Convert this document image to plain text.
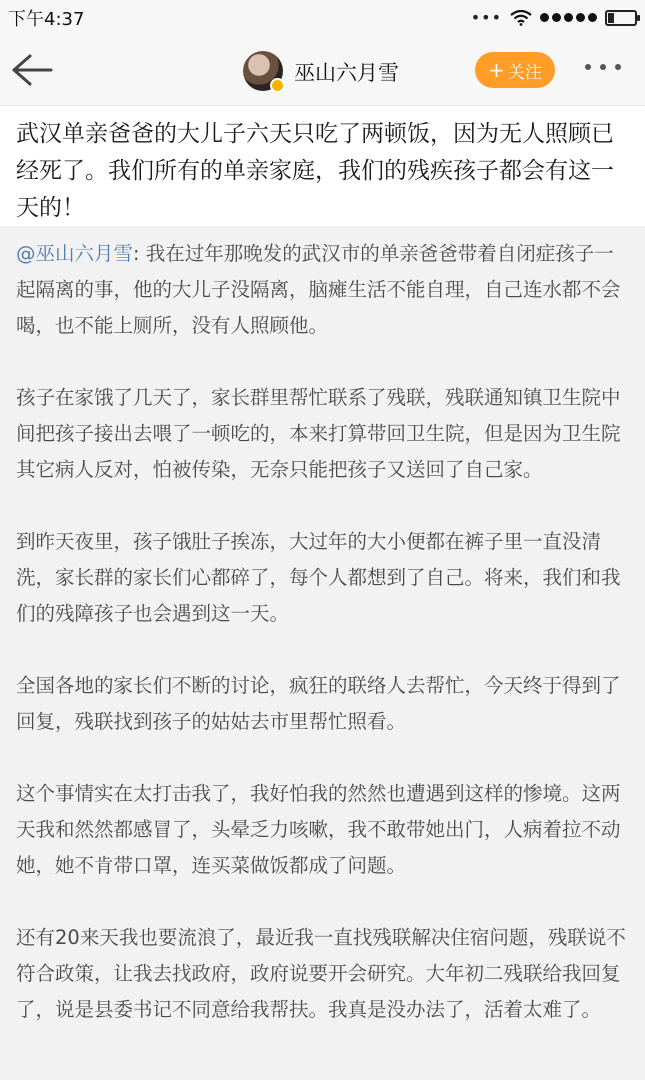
下午4:37	•••
巫山六月雪	+ 关注
武汉单亲爸爸的大儿子六天只吃了两顿饭，因为无人照顾已经死了。我们所有的单亲家庭，我们的残疾孩子都会有这一天的！

@巫山六月雪: 我在过年那晚发的武汉市的单亲爸爸带着自闭症孩子一起隔离的事，他的大儿子没隔离，脑瘫生活不能自理，自己连水都不会喝，也不能上厕所，没有人照顾他。

孩子在家饿了几天了，家长群里帮忙联系了残联，残联通知镇卫生院中间把孩子接出去喂了一顿吃的，本来打算带回卫生院，但是因为卫生院其它病人反对，怕被传染，无奈只能把孩子又送回了自己家。

到昨天夜里，孩子饿肚子挨冻，大过年的大小便都在裤子里一直没清洗，家长群的家长们心都碎了，每个人都想到了自己。将来，我们和我们的残障孩子也会遇到这一天。

全国各地的家长们不断的讨论，疯狂的联络人去帮忙，今天终于得到了回复，残联找到孩子的姑姑去市里帮忙照看。

这个事情实在太打击我了，我好怕我的然然也遭遇到这样的惨境。这两天我和然然都感冒了，头晕乏力咳嗽，我不敢带她出门，人病着拉不动她，她不肯带口罩，连买菜做饭都成了问题。

还有20来天我也要流浪了，最近我一直找残联解决住宿问题，残联说不符合政策，让我去找政府，政府说要开会研究。大年初二残联给我回复了，说是县委书记不同意给我帮扶。我真是没办法了，活着太难了。
